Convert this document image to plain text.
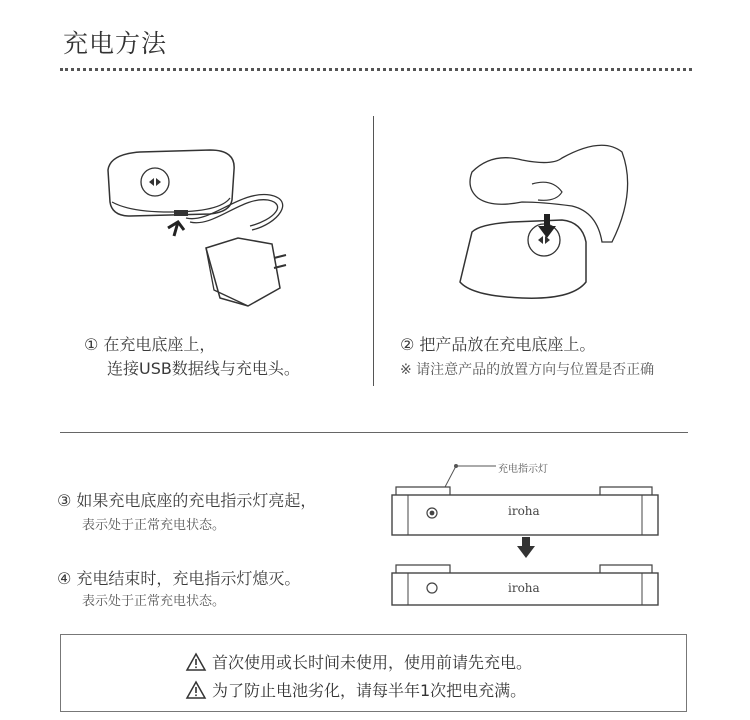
充电方法
① 在充电底座上，
连接USB数据线与充电头。
② 把产品放在充电底座上。
※ 请注意产品的放置方向与位置是否正确
③ 如果充电底座的充电指示灯亮起，
表示处于正常充电状态。
④ 充电结束时，充电指示灯熄灭。
表示处于正常充电状态。
充电指示灯
iroha
iroha
首次使用或长时间未使用，使用前请先充电。
为了防止电池劣化，请每半年1次把电充满。
